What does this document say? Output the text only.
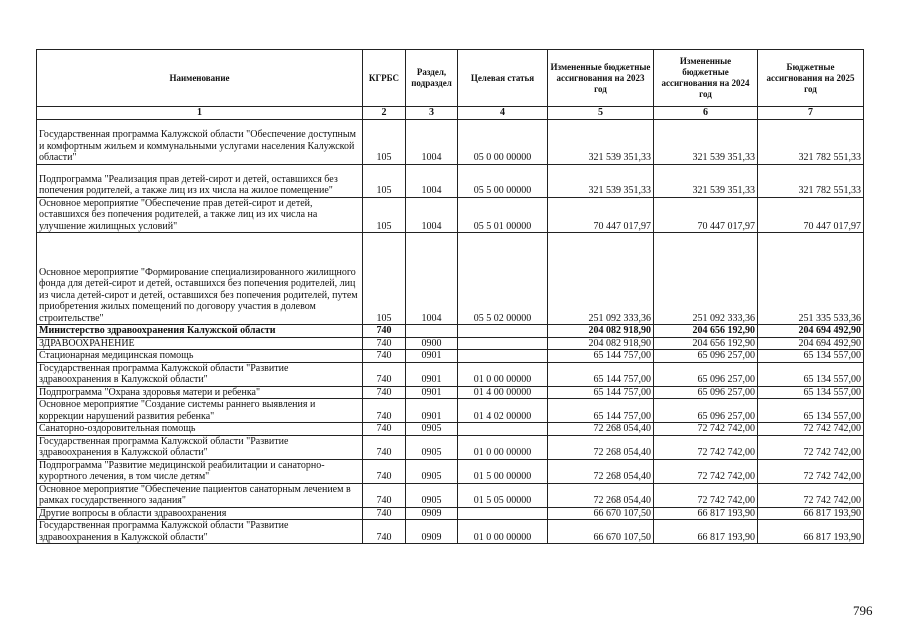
Наименование	КГРБС	Раздел, подраздел	Целевая статья	Измененные бюджетные ассигнования на 2023 год	Измененные бюджетные ассигнования на 2024 год	Бюджетные ассигнования на 2025 год
1	2	3	4	5	6	7
Государственная программа Калужской области "Обеспечение доступным и комфортным жильем и коммунальными услугами населения Калужской области"	105	1004	05 0 00 00000	321 539 351,33	321 539 351,33	321 782 551,33
Подпрограмма "Реализация прав детей-сирот и детей, оставшихся без попечения родителей, а также лиц из их числа на жилое помещение"	105	1004	05 5 00 00000	321 539 351,33	321 539 351,33	321 782 551,33
Основное мероприятие "Обеспечение прав детей-сирот и детей, оставшихся без попечения родителей, а также лиц из их числа на улучшение жилищных условий"	105	1004	05 5 01 00000	70 447 017,97	70 447 017,97	70 447 017,97
Основное мероприятие "Формирование специализированного жилищного фонда для детей-сирот и детей, оставшихся без попечения родителей, лиц из числа детей-сирот и детей, оставшихся без попечения родителей, путем приобретения жилых помещений по договору участия в долевом строительстве"	105	1004	05 5 02 00000	251 092 333,36	251 092 333,36	251 335 533,36
Министерство здравоохранения Калужской области	740			204 082 918,90	204 656 192,90	204 694 492,90
ЗДРАВООХРАНЕНИЕ	740	0900		204 082 918,90	204 656 192,90	204 694 492,90
Стационарная медицинская помощь	740	0901		65 144 757,00	65 096 257,00	65 134 557,00
Государственная программа Калужской области "Развитие здравоохранения в Калужской области"	740	0901	01 0 00 00000	65 144 757,00	65 096 257,00	65 134 557,00
Подпрограмма "Охрана здоровья матери и ребенка"	740	0901	01 4 00 00000	65 144 757,00	65 096 257,00	65 134 557,00
Основное мероприятие "Создание системы раннего выявления и коррекции нарушений развития ребенка"	740	0901	01 4 02 00000	65 144 757,00	65 096 257,00	65 134 557,00
Санаторно-оздоровительная помощь	740	0905		72 268 054,40	72 742 742,00	72 742 742,00
Государственная программа Калужской области "Развитие здравоохранения в Калужской области"	740	0905	01 0 00 00000	72 268 054,40	72 742 742,00	72 742 742,00
Подпрограмма "Развитие медицинской реабилитации и санаторно-курортного лечения, в том числе детям"	740	0905	01 5 00 00000	72 268 054,40	72 742 742,00	72 742 742,00
Основное мероприятие "Обеспечение пациентов санаторным лечением в рамках государственного задания"	740	0905	01 5 05 00000	72 268 054,40	72 742 742,00	72 742 742,00
Другие вопросы в области здравоохранения	740	0909		66 670 107,50	66 817 193,90	66 817 193,90
Государственная программа Калужской области "Развитие здравоохранения в Калужской области"	740	0909	01 0 00 00000	66 670 107,50	66 817 193,90	66 817 193,90
796
